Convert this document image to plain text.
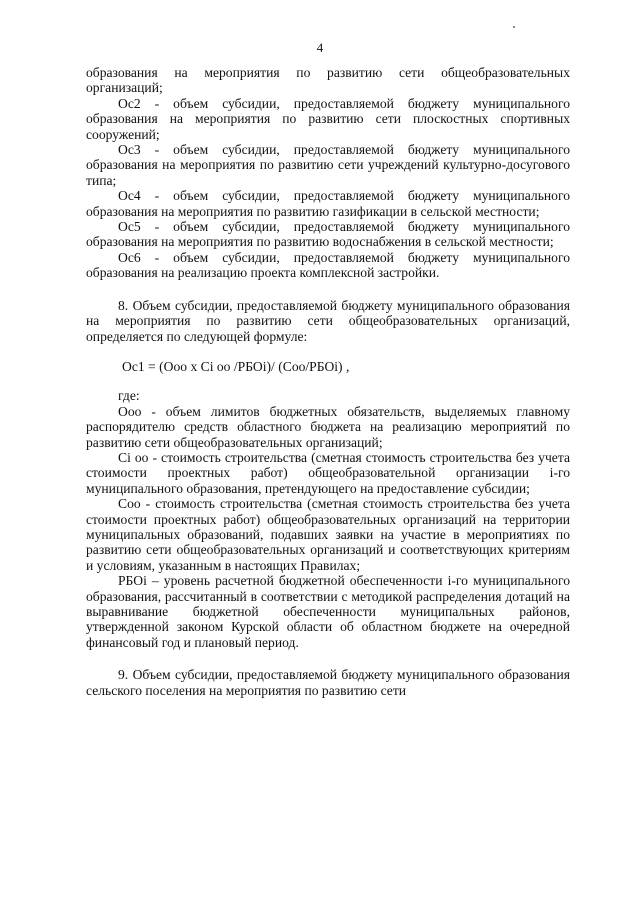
4

образования на мероприятия по развитию сети общеобразовательных организаций;

Ос2 - объем субсидии, предоставляемой бюджету муниципального образования на мероприятия по развитию сети плоскостных спортивных сооружений;

Ос3 - объем субсидии, предоставляемой бюджету муниципального образования на мероприятия по развитию сети учреждений культурно-досугового типа;

Ос4 - объем субсидии, предоставляемой бюджету муниципального образования на мероприятия по развитию газификации в сельской местности;

Ос5 - объем субсидии, предоставляемой бюджету муниципального образования на мероприятия по развитию водоснабжения в сельской местности;

Ос6 - объем субсидии, предоставляемой бюджету муниципального образования на реализацию проекта комплексной застройки.

8. Объем субсидии, предоставляемой бюджету муниципального образования на мероприятия по развитию сети общеобразовательных организаций, определяется по следующей формуле:

Ос1 = (Ооо х Сi оо /РБОi)/ (Соо/РБОi) ,

где:

Ооо - объем лимитов бюджетных обязательств, выделяемых главному распорядителю средств областного бюджета на реализацию мероприятий по развитию сети общеобразовательных организаций;

Сi оо - стоимость строительства (сметная стоимость строительства без учета стоимости проектных работ) общеобразовательной организации i-го муниципального образования, претендующего на предоставление субсидии;

Соо - стоимость строительства (сметная стоимость строительства без учета стоимости проектных работ) общеобразовательных организаций на территории муниципальных образований, подавших заявки на участие в мероприятиях по развитию сети общеобразовательных организаций и соответствующих критериям и условиям, указанным в настоящих Правилах;

РБОi – уровень расчетной бюджетной обеспеченности i-го муниципального образования, рассчитанный в соответствии с методикой распределения дотаций на выравнивание бюджетной обеспеченности муниципальных районов, утвержденной законом Курской области об областном бюджете на очередной финансовый год и плановый период.

9. Объем субсидии, предоставляемой бюджету муниципального образования сельского поселения на мероприятия по развитию сети
